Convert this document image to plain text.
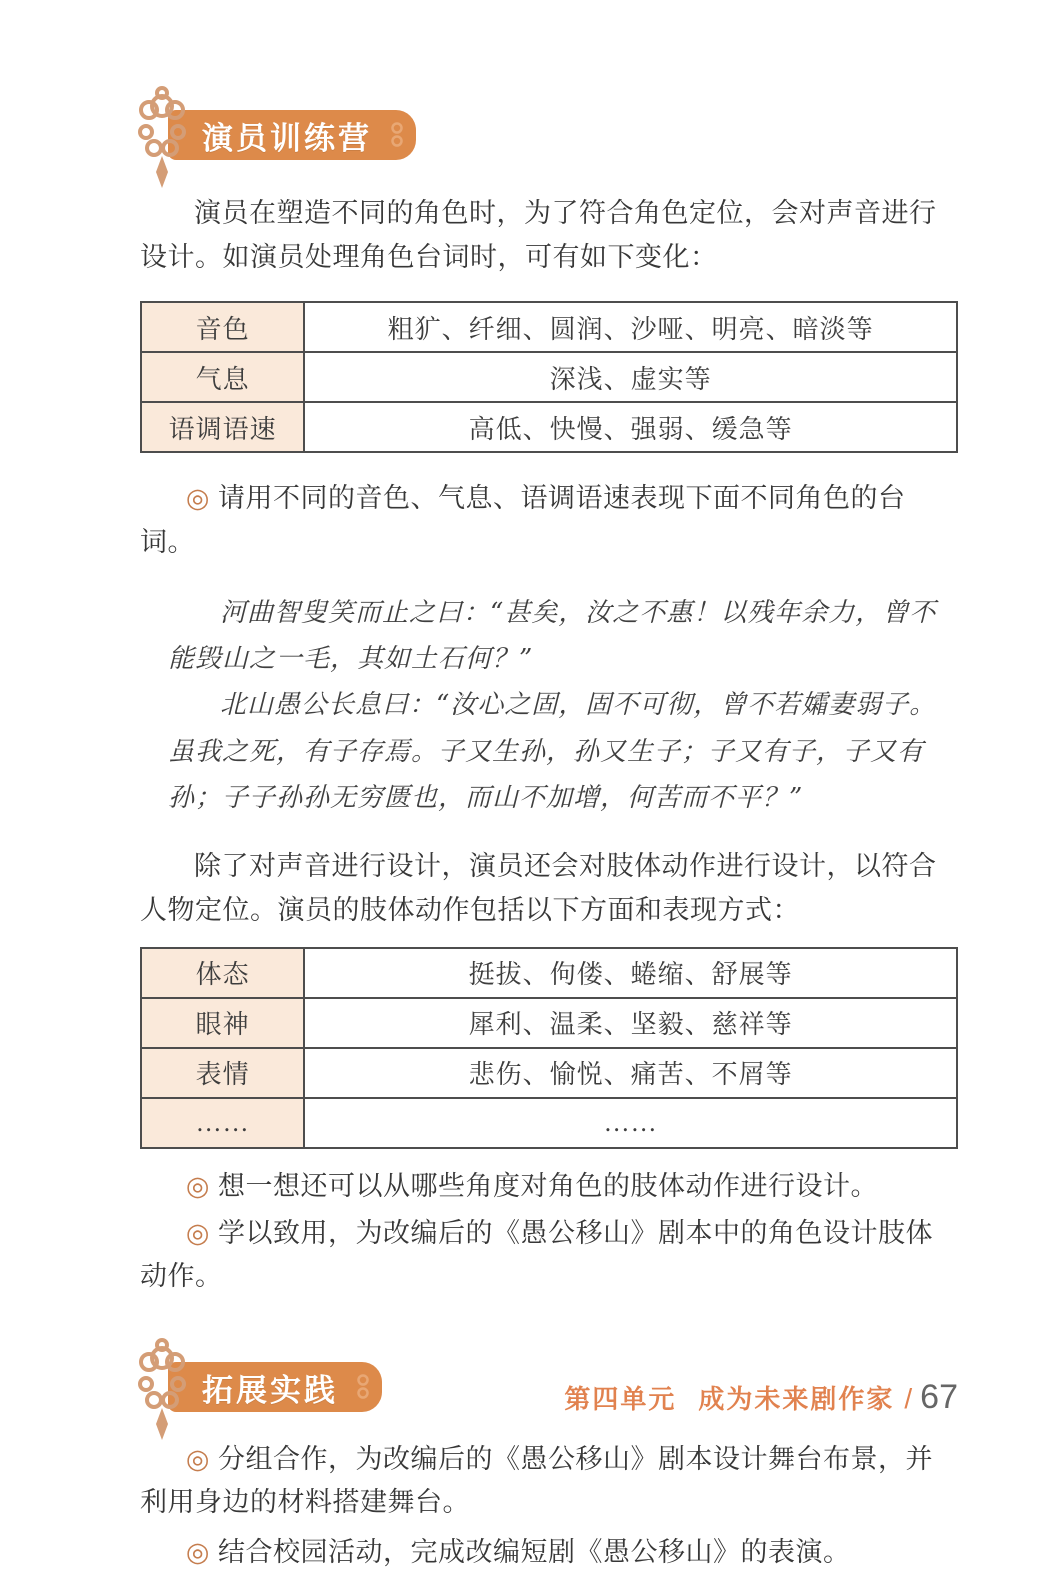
演员训练营

演员在塑造不同的角色时，为了符合角色定位，会对声音进行设计。如演员处理角色台词时，可有如下变化：

音色	粗犷、纤细、圆润、沙哑、明亮、暗淡等
气息	深浅、虚实等
语调语速	高低、快慢、强弱、缓急等

◎ 请用不同的音色、气息、语调语速表现下面不同角色的台词。

河曲智叟笑而止之曰：“甚矣，汝之不惠！以残年余力，曾不能毁山之一毛，其如土石何？”

北山愚公长息曰：“汝心之固，固不可彻，曾不若孀妻弱子。虽我之死，有子存焉。子又生孙，孙又生子；子又有子，子又有孙；子子孙孙无穷匮也，而山不加增，何苦而不平？”

除了对声音进行设计，演员还会对肢体动作进行设计，以符合人物定位。演员的肢体动作包括以下方面和表现方式：

体态	挺拔、佝偻、蜷缩、舒展等
眼神	犀利、温柔、坚毅、慈祥等
表情	悲伤、愉悦、痛苦、不屑等
……	……

◎ 想一想还可以从哪些角度对角色的肢体动作进行设计。

◎ 学以致用，为改编后的《愚公移山》剧本中的角色设计肢体动作。

拓展实践

◎ 分组合作，为改编后的《愚公移山》剧本设计舞台布景，并利用身边的材料搭建舞台。

◎ 结合校园活动，完成改编短剧《愚公移山》的表演。

第四单元 成为未来剧作家 / 67
